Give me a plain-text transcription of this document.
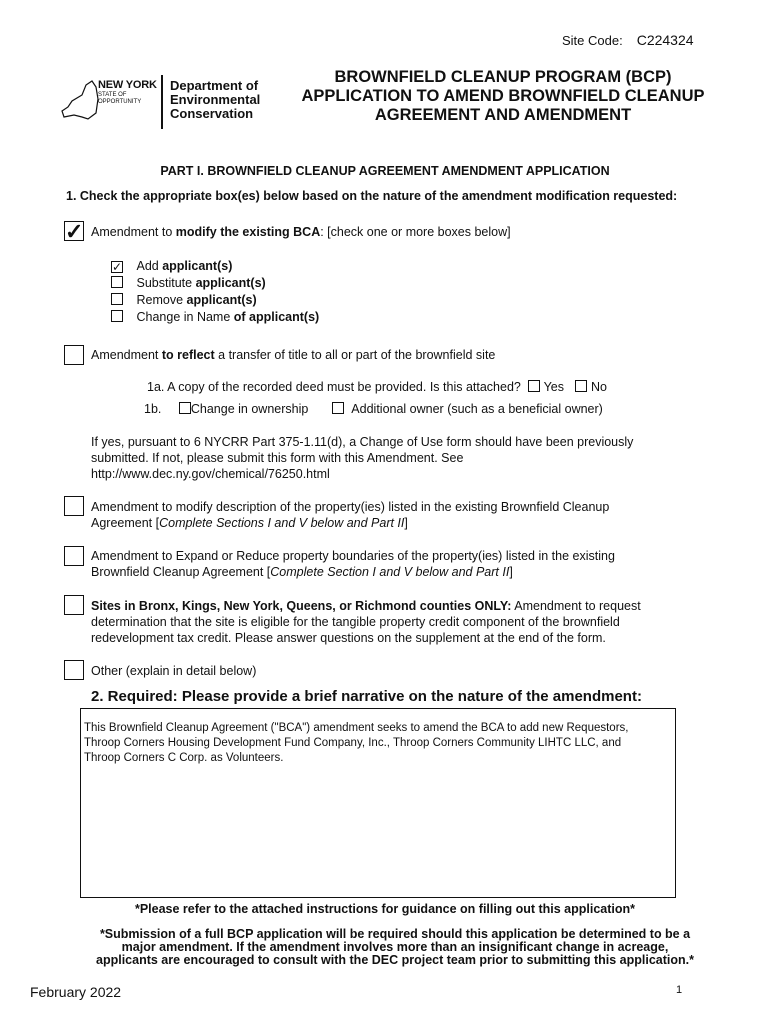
Site Code: C224324
NEW YORK
STATE OF
OPPORTUNITY
Department of
Environmental
Conservation
BROWNFIELD CLEANUP PROGRAM (BCP)
APPLICATION TO AMEND BROWNFIELD CLEANUP
AGREEMENT AND AMENDMENT
PART I. BROWNFIELD CLEANUP AGREEMENT AMENDMENT APPLICATION
1. Check the appropriate box(es) below based on the nature of the amendment modification requested:
✓ Amendment to modify the existing BCA: [check one or more boxes below]
✓ Add applicant(s)
Substitute applicant(s)
Remove applicant(s)
Change in Name of applicant(s)
Amendment to reflect a transfer of title to all or part of the brownfield site
1a. A copy of the recorded deed must be provided. Is this attached? Yes No
1b. Change in ownership	Additional owner (such as a beneficial owner)
If yes, pursuant to 6 NYCRR Part 375-1.11(d), a Change of Use form should have been previously
submitted. If not, please submit this form with this Amendment. See
http://www.dec.ny.gov/chemical/76250.html
Amendment to modify description of the property(ies) listed in the existing Brownfield Cleanup
Agreement [Complete Sections I and V below and Part II]
Amendment to Expand or Reduce property boundaries of the property(ies) listed in the existing
Brownfield Cleanup Agreement [Complete Section I and V below and Part II]
Sites in Bronx, Kings, New York, Queens, or Richmond counties ONLY: Amendment to request
determination that the site is eligible for the tangible property credit component of the brownfield
redevelopment tax credit. Please answer questions on the supplement at the end of the form.
Other (explain in detail below)
2. Required: Please provide a brief narrative on the nature of the amendment:
This Brownfield Cleanup Agreement ("BCA") amendment seeks to amend the BCA to add new Requestors,
Throop Corners Housing Development Fund Company, Inc., Throop Corners Community LIHTC LLC, and
Throop Corners C Corp. as Volunteers.
*Please refer to the attached instructions for guidance on filling out this application*
*Submission of a full BCP application will be required should this application be determined to be a
major amendment. If the amendment involves more than an insignificant change in acreage,
applicants are encouraged to consult with the DEC project team prior to submitting this application.*
February 2022	1
